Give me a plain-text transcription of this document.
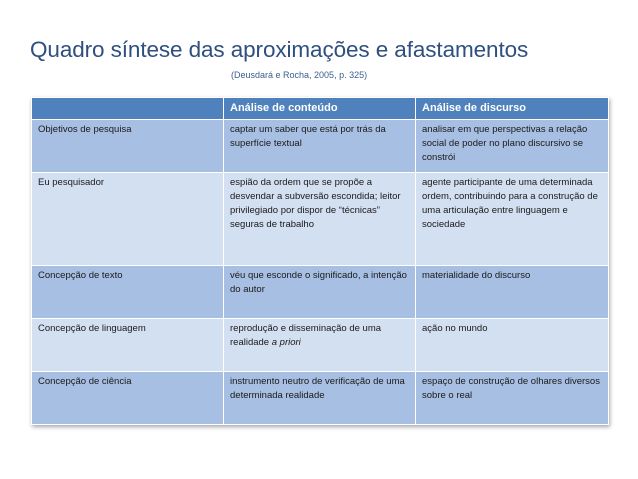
Quadro síntese das aproximações e afastamentos
(Deusdará e Rocha, 2005, p. 325)
	Análise de conteúdo	Análise de discurso
Objetivos de pesquisa	captar um saber que está por trás da superfície textual	analisar em que perspectivas a relação social de poder no plano discursivo se constrói
Eu pesquisador	espião da ordem que se propõe a desvendar a subversão escondida; leitor privilegiado por dispor de “técnicas” seguras de trabalho	agente participante de uma determinada ordem, contribuindo para a construção de uma articulação entre linguagem e sociedade
Concepção de texto	véu que esconde o significado, a intenção do autor	materialidade do discurso
Concepção de linguagem	reprodução e disseminação de uma realidade a priori	ação no mundo
Concepção de ciência	instrumento neutro de verificação de uma determinada realidade	espaço de construção de olhares diversos sobre o real
